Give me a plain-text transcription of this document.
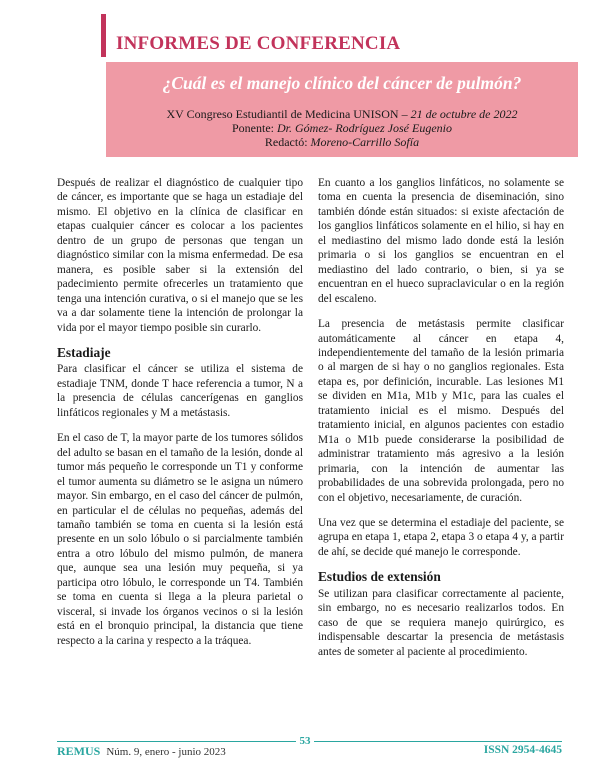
INFORMES DE CONFERENCIA
¿Cuál es el manejo clínico del cáncer de pulmón?
XV Congreso Estudiantil de Medicina UNISON – 21 de octubre de 2022
Ponente: Dr. Gómez- Rodríguez José Eugenio
Redactó: Moreno-Carrillo Sofía

Después de realizar el diagnóstico de cualquier tipo de cáncer, es importante que se haga un estadiaje del mismo. El objetivo en la clínica de clasificar en etapas cualquier cáncer es colocar a los pacientes dentro de un grupo de personas que tengan un diagnóstico similar con la misma enfermedad. De esa manera, es posible saber si la extensión del padecimiento permite ofrecerles un tratamiento que tenga una intención curativa, o si el manejo que se les va a dar solamente tiene la intención de prolongar la vida por el mayor tiempo posible sin curarlo.

Estadiaje

Para clasificar el cáncer se utiliza el sistema de estadiaje TNM, donde T hace referencia a tumor, N a la presencia de células cancerígenas en ganglios linfáticos regionales y M a metástasis.

En el caso de T, la mayor parte de los tumores sólidos del adulto se basan en el tamaño de la lesión, donde al tumor más pequeño le corresponde un T1 y conforme el tumor aumenta su diámetro se le asigna un número mayor. Sin embargo, en el caso del cáncer de pulmón, en particular el de células no pequeñas, además del tamaño también se toma en cuenta si la lesión está presente en un solo lóbulo o si parcialmente también entra a otro lóbulo del mismo pulmón, de manera que, aunque sea una lesión muy pequeña, si ya participa otro lóbulo, le corresponde un T4. También se toma en cuenta si llega a la pleura parietal o visceral, si invade los órganos vecinos o si la lesión está en el bronquio principal, la distancia que tiene respecto a la carina y respecto a la tráquea.

En cuanto a los ganglios linfáticos, no solamente se toma en cuenta la presencia de diseminación, sino también dónde están situados: si existe afectación de los ganglios linfáticos solamente en el hilio, si hay en el mediastino del mismo lado donde está la lesión primaria o si los ganglios se encuentran en el mediastino del lado contrario, o bien, si ya se encuentran en el hueco supraclavicular o en la región del escaleno.

La presencia de metástasis permite clasificar automáticamente al cáncer en etapa 4, independientemente del tamaño de la lesión primaria o al margen de si hay o no ganglios regionales. Esta etapa es, por definición, incurable. Las lesiones M1 se dividen en M1a, M1b y M1c, para las cuales el tratamiento inicial es el mismo. Después del tratamiento inicial, en algunos pacientes con estadio M1a o M1b puede considerarse la posibilidad de administrar tratamiento más agresivo a la lesión primaria, con la intención de aumentar las probabilidades de una sobrevida prolongada, pero no con el objetivo, necesariamente, de curación.

Una vez que se determina el estadiaje del paciente, se agrupa en etapa 1, etapa 2, etapa 3 o etapa 4 y, a partir de ahí, se decide qué manejo le corresponde.

Estudios de extensión

Se utilizan para clasificar correctamente al paciente, sin embargo, no es necesario realizarlos todos. En caso de que se requiera manejo quirúrgico, es indispensable descartar la presencia de metástasis antes de someter al paciente al procedimiento.

53
REMUS Núm. 9, enero - junio 2023	ISSN 2954-4645
